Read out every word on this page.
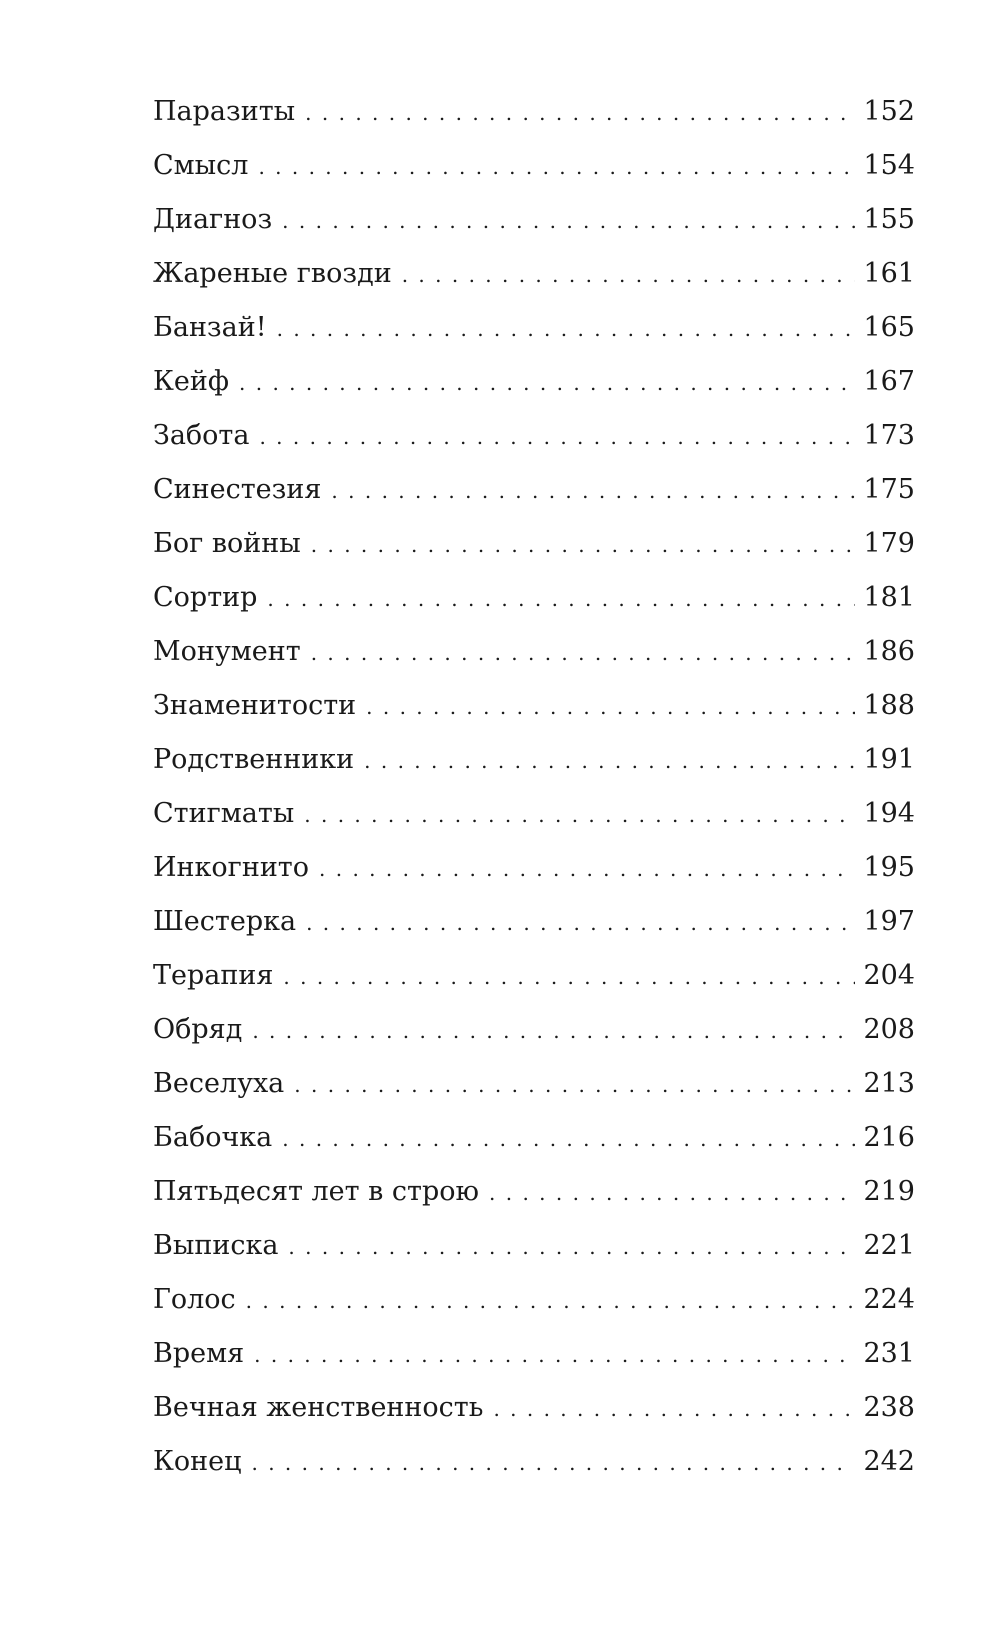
Паразиты . . .	152
Смысл . . .	154
Диагноз . . .	155
Жареные гвозди . . .	161
Банзай! . . .	165
Кейф . . .	167
Забота . . .	173
Синестезия . . .	175
Бог войны . . .	179
Сортир . . .	181
Монумент . . .	186
Знаменитости . . .	188
Родственники . . .	191
Стигматы . . .	194
Инкогнито . . .	195
Шестерка . . .	197
Терапия . . .	204
Обряд . . .	208
Веселуха . . .	213
Бабочка . . .	216
Пятьдесят лет в строю . . .	219
Выписка . . .	221
Голос . . .	224
Время . . .	231
Вечная женственность . . .	238
Конец . . .	242
